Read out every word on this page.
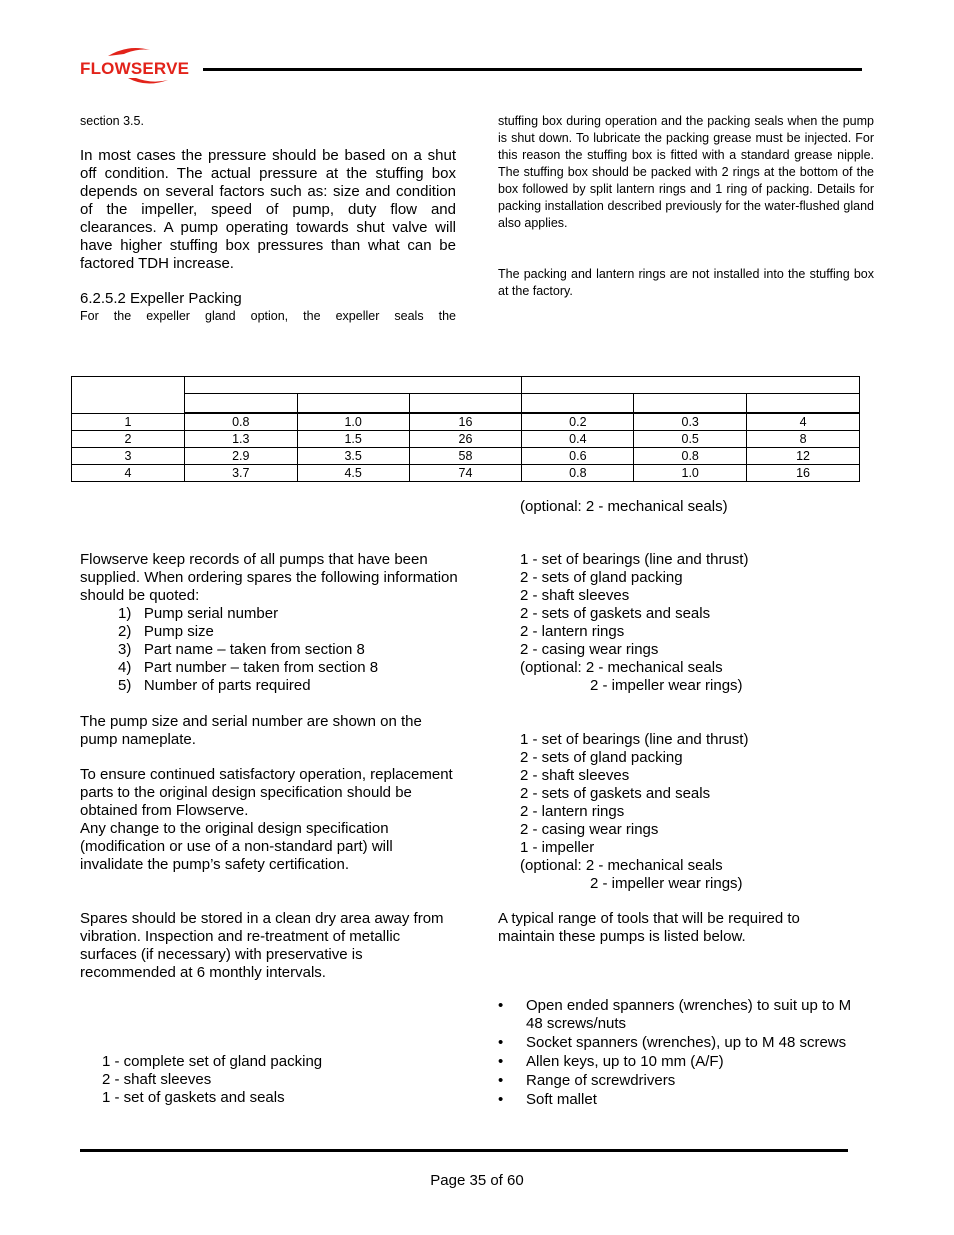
FLOWSERVE
section 3.5.

In most cases the pressure should be based on a shut off condition. The actual pressure at the stuffing box depends on several factors such as: size and condition of the impeller, speed of pump, duty flow and clearances. A pump operating towards shut valve will have higher stuffing box pressures than what can be factored TDH increase.

6.2.5.2 Expeller Packing
For the expeller gland option, the expeller seals the

stuffing box during operation and the packing seals when the pump is shut down. To lubricate the packing grease must be injected. For this reason the stuffing box is fitted with a standard grease nipple. The stuffing box should be packed with 2 rings at the bottom of the box followed by split lantern rings and 1 ring of packing. Details for packing installation described previously for the water-flushed gland also applies.

The packing and lantern rings are not installed into the stuffing box at the factory.

1	0.8	1.0	16	0.2	0.3	4
2	1.3	1.5	26	0.4	0.5	8
3	2.9	3.5	58	0.6	0.8	12
4	3.7	4.5	74	0.8	1.0	16

Flowserve keep records of all pumps that have been supplied. When ordering spares the following information should be quoted:

1) Pump serial number
2) Pump size
3) Part name – taken from section 8
4) Part number – taken from section 8
5) Number of parts required

The pump size and serial number are shown on the pump nameplate.

To ensure continued satisfactory operation, replacement parts to the original design specification should be obtained from Flowserve.

Any change to the original design specification (modification or use of a non-standard part) will invalidate the pump’s safety certification.

Spares should be stored in a clean dry area away from vibration. Inspection and re-treatment of metallic surfaces (if necessary) with preservative is recommended at 6 monthly intervals.

1 - complete set of gland packing
2 - shaft sleeves
1 - set of gaskets and seals
(optional: 2 - mechanical seals)
1 - set of bearings (line and thrust)
2 - sets of gland packing
2 - shaft sleeves
2 - sets of gaskets and seals
2 - lantern rings
2 - casing wear rings
(optional: 2 - mechanical seals
2 - impeller wear rings)
1 - set of bearings (line and thrust)
2 - sets of gland packing
2 - shaft sleeves
2 - sets of gaskets and seals
2 - lantern rings
2 - casing wear rings
1 - impeller
(optional: 2 - mechanical seals
2 - impeller wear rings)

A typical range of tools that will be required to maintain these pumps is listed below.

• Open ended spanners (wrenches) to suit up to M 48 screws/nuts
• Socket spanners (wrenches), up to M 48 screws
• Allen keys, up to 10 mm (A/F)
• Range of screwdrivers
• Soft mallet
Page 35 of 60
